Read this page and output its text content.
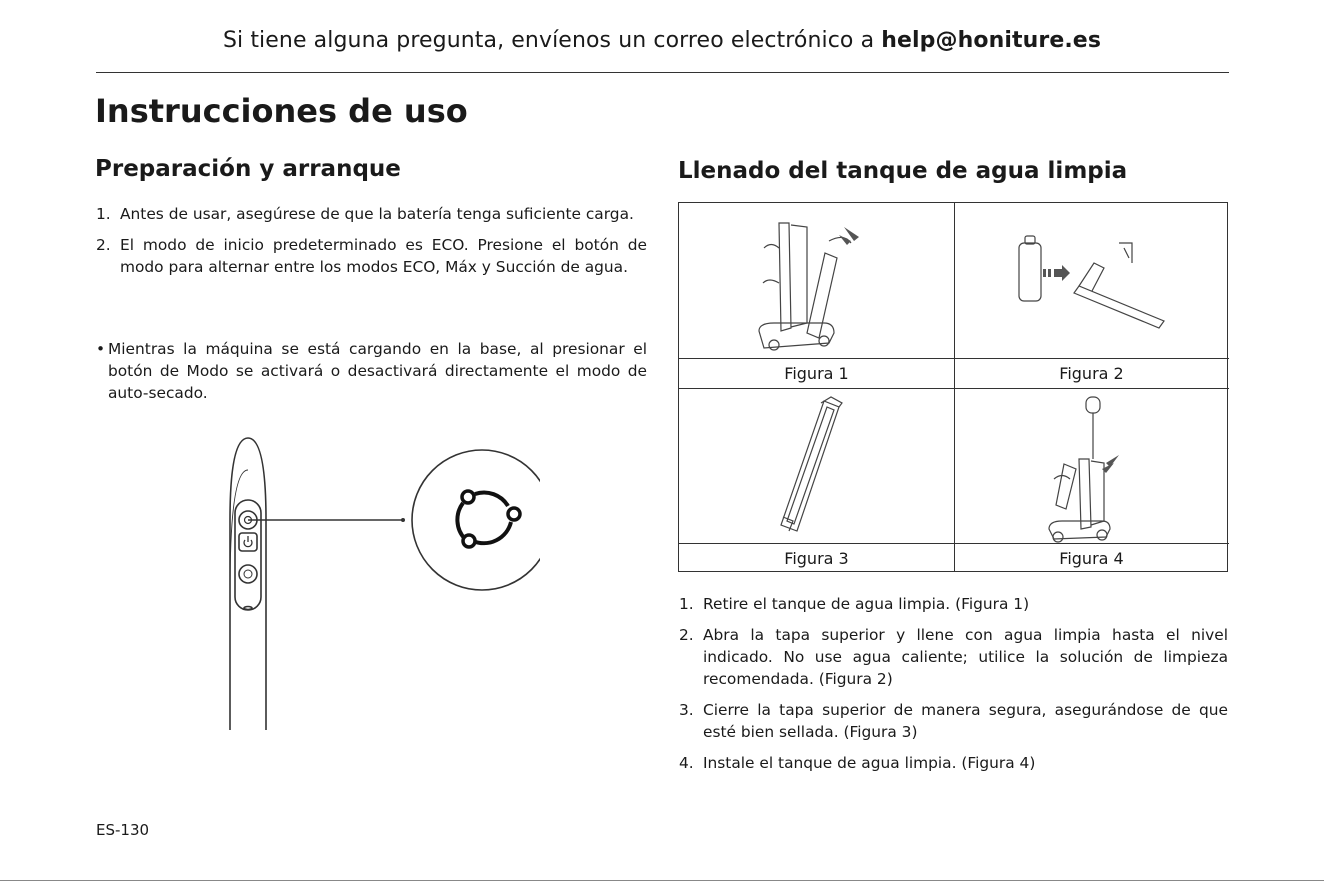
Si tiene alguna pregunta, envíenos un correo electrónico a help@honiture.es
Instrucciones de uso
Preparación y arranque
1. Antes de usar, asegúrese de que la batería tenga suficiente carga.
2. El modo de inicio predeterminado es ECO. Presione el botón de modo para alternar entre los modos ECO, Máx y Succión de agua.
• Mientras la máquina se está cargando en la base, al presionar el botón de Modo se activará o desactivará directamente el modo de auto-secado.
Llenado del tanque de agua limpia
Figura 1	Figura 2
Figura 3	Figura 4
1. Retire el tanque de agua limpia. (Figura 1)
2. Abra la tapa superior y llene con agua limpia hasta el nivel indicado. No use agua caliente; utilice la solución de limpieza recomendada. (Figura 2)
3. Cierre la tapa superior de manera segura, asegurándose de que esté bien sellada. (Figura 3)
4. Instale el tanque de agua limpia. (Figura 4)
ES-130
